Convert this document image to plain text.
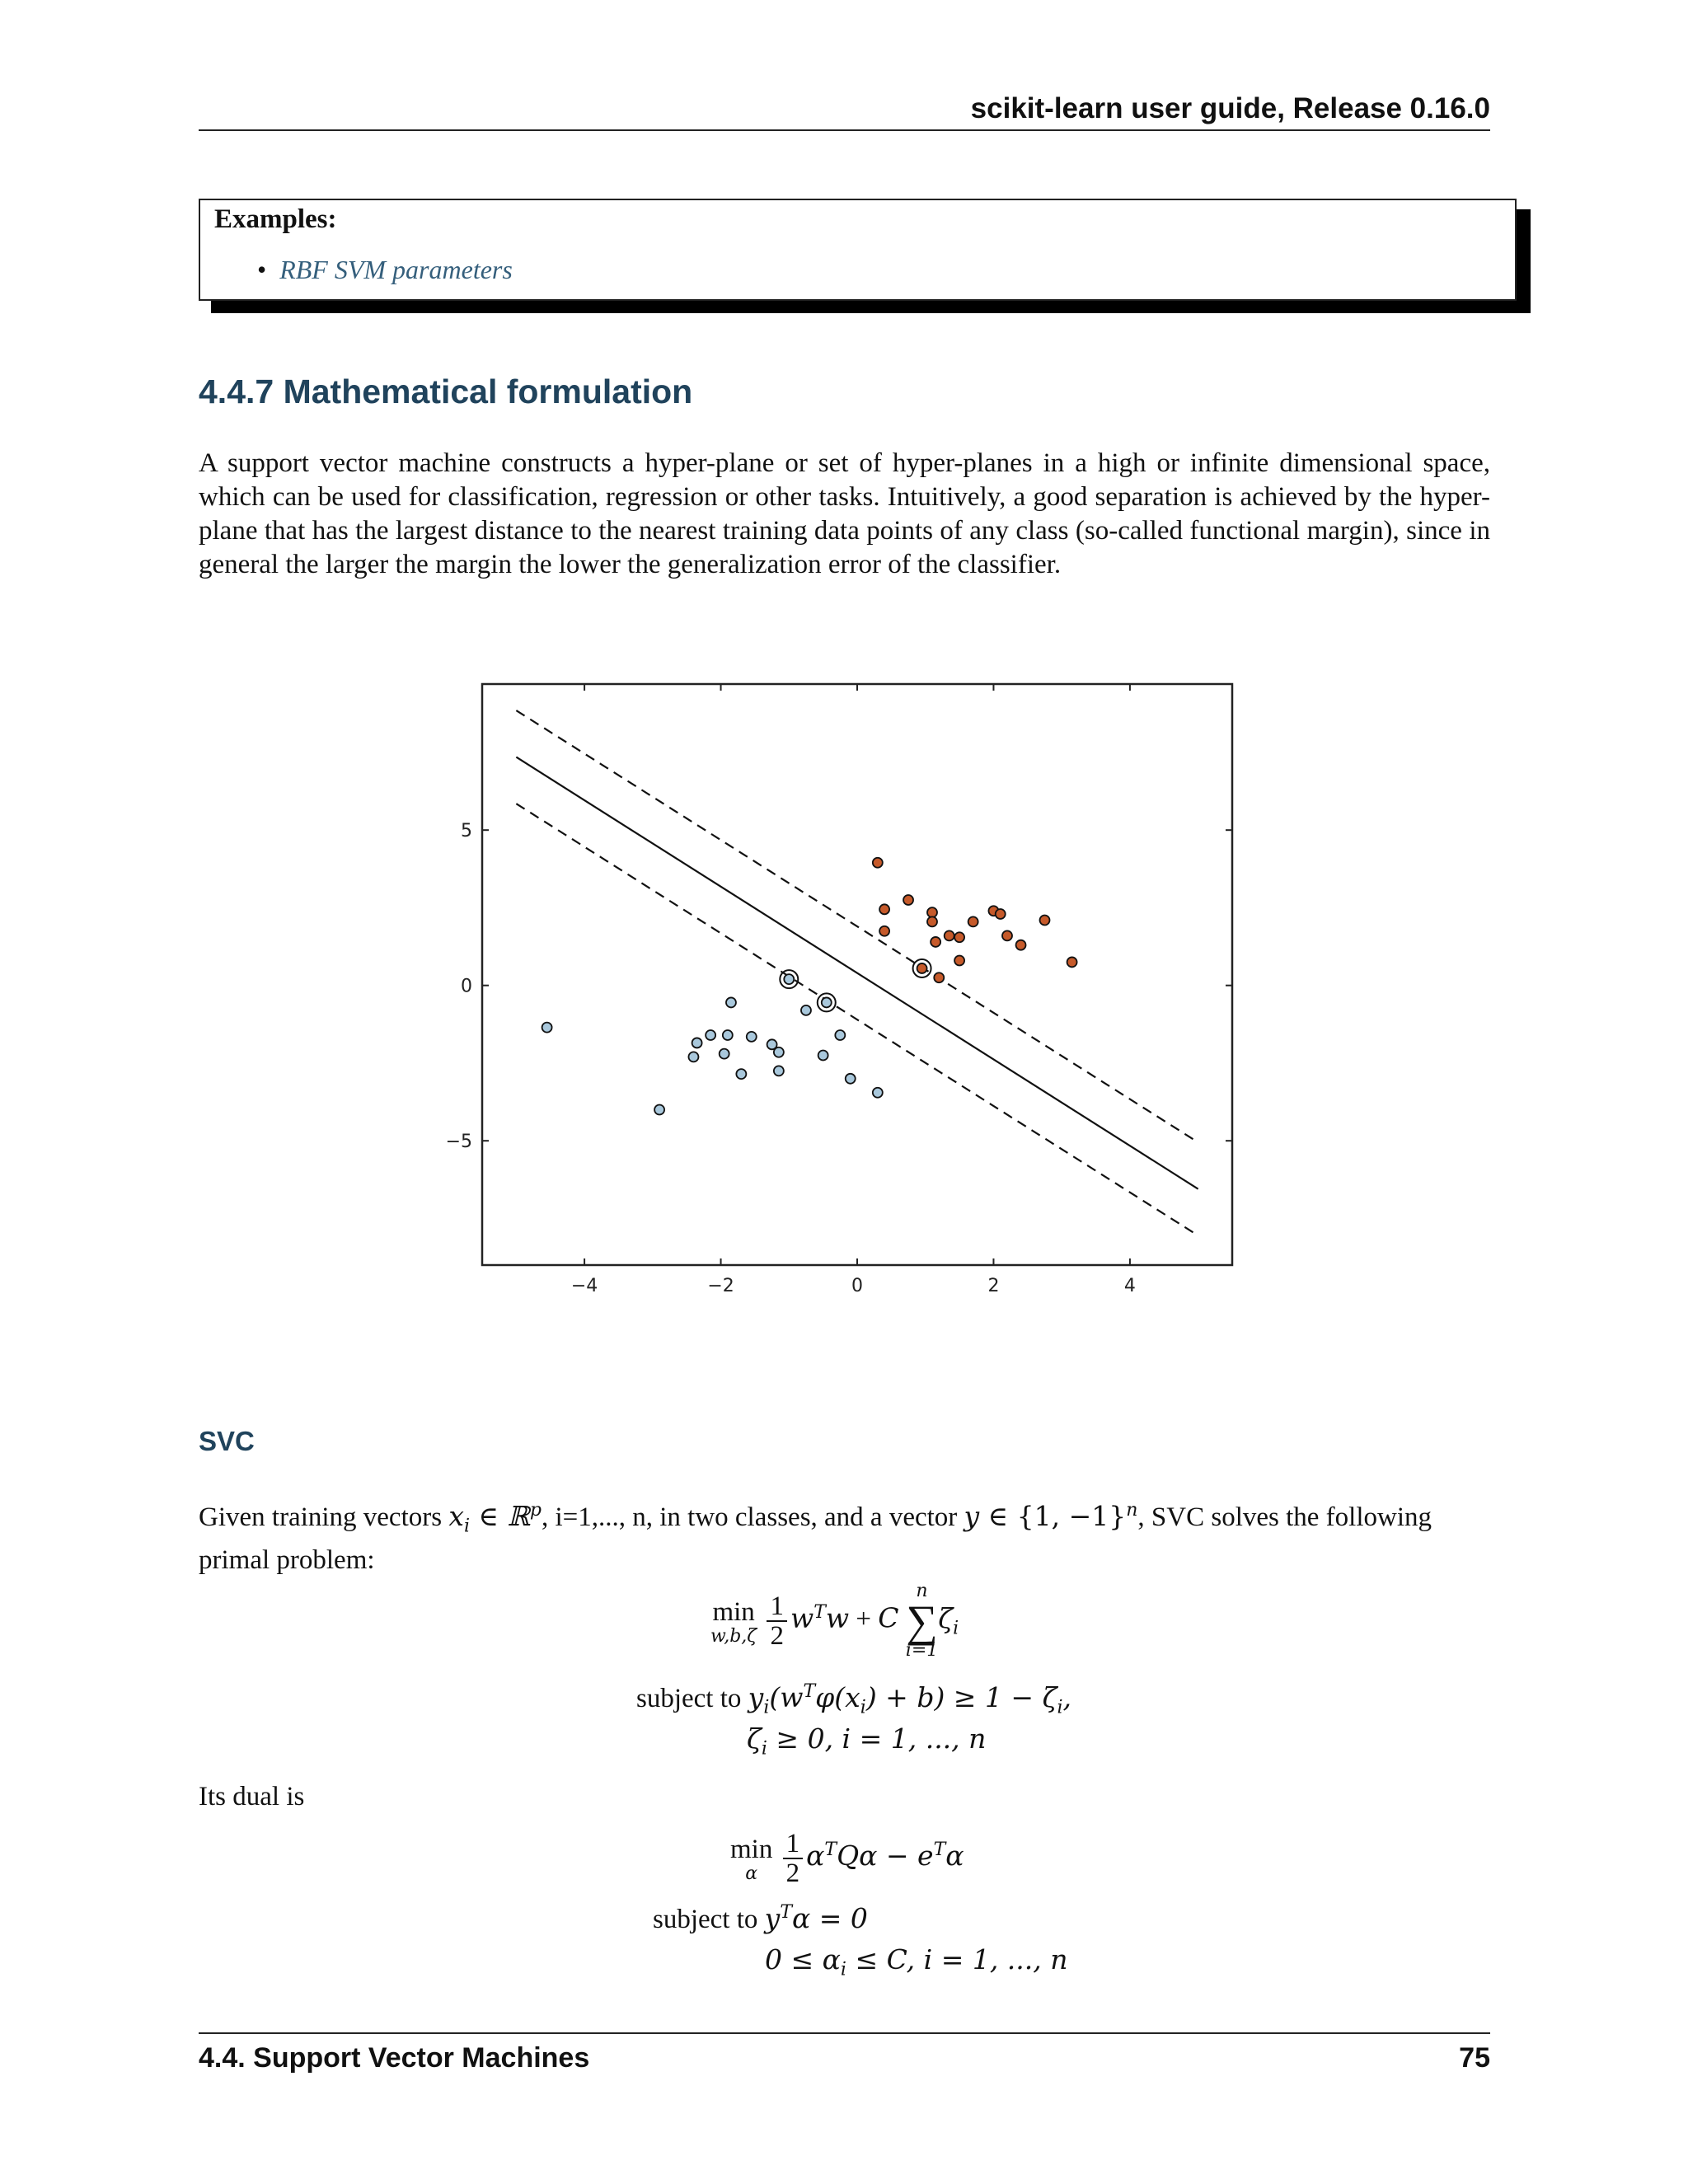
scikit-learn user guide, Release 0.16.0
Examples:
• RBF SVM parameters
4.4.7 Mathematical formulation
A support vector machine constructs a hyper-plane or set of hyper-planes in a high or infinite dimensional space, which can be used for classification, regression or other tasks. Intuitively, a good separation is achieved by the hyper-plane that has the largest distance to the nearest training data points of any class (so-called functional margin), since in general the larger the margin the lower the generalization error of the classifier.
−4	−2	0	2	4
−5
0
5
SVC
Given training vectors $x_i$ ∈ ℝ$^p$, i=1,..., n, in two classes, and a vector y ∈ {1, −1}$^n$, SVC solves the following primal problem:
min
w,b,ζ
$\frac{1}{2} w^Tw + C$
n
∑
i=1
$\zeta_i$
subject to $y_i(w^T\varphi(x_i) + b) \ge 1 - \zeta_i$,
$\zeta_i \ge 0$, i = 1, ..., n
Its dual is
min
α
$\frac{1}{2} \alpha^TQ\alpha - e^T\alpha$
subject to $y^T\alpha = 0$
$0 \le \alpha_i \le C$, i = 1, ..., n
4.4. Support Vector Machines	75
